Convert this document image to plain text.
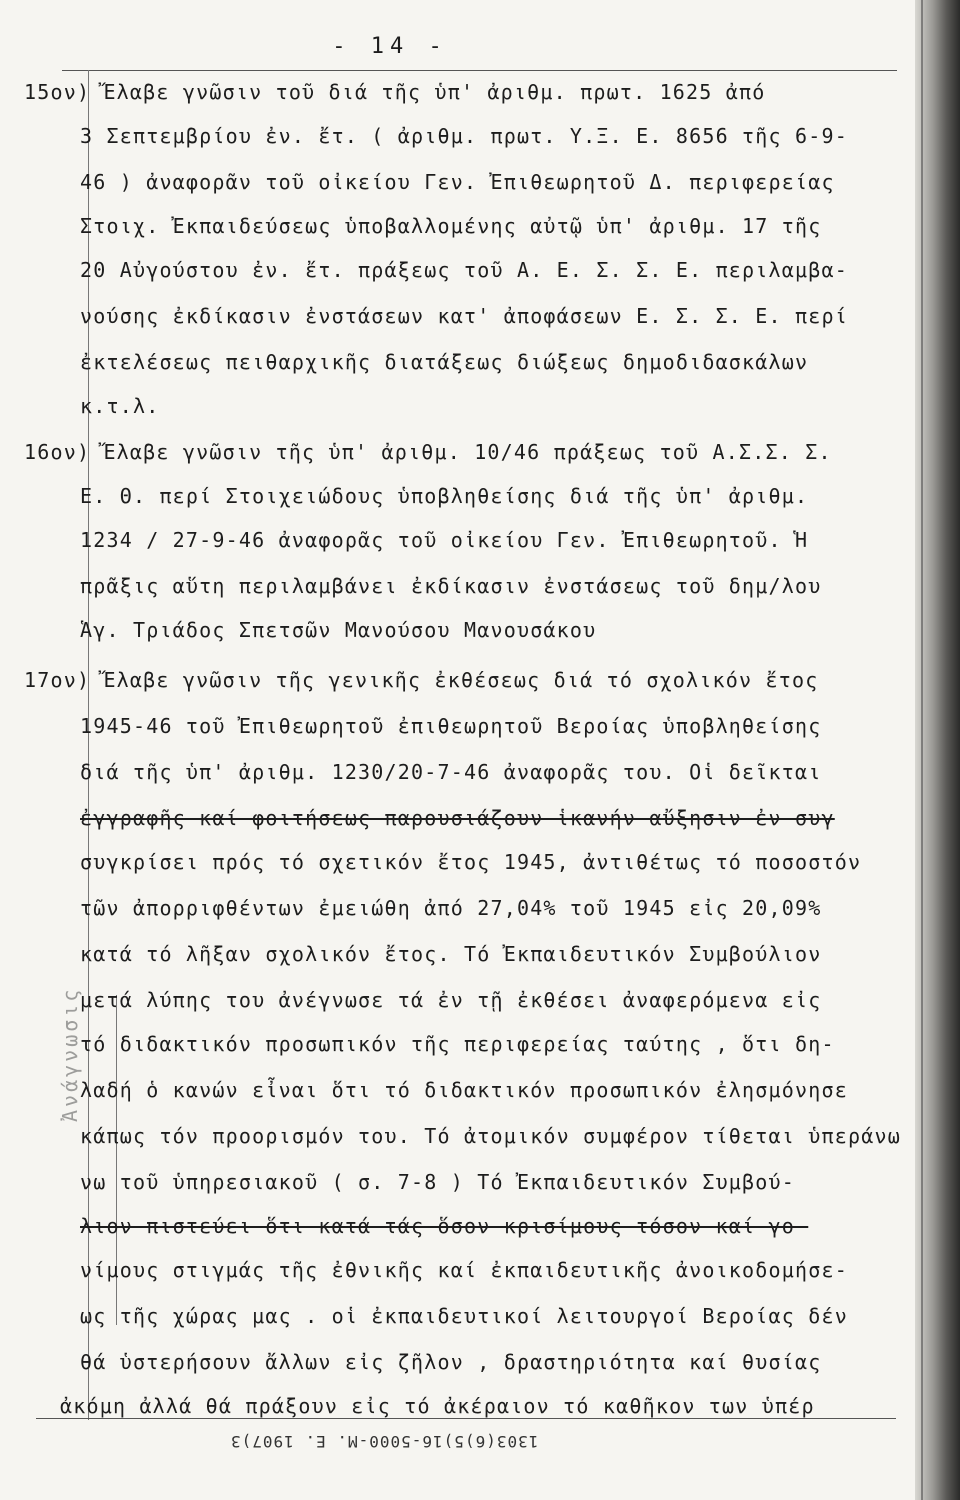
- 14 -
15ον) Ἔλαβε γνῶσιν τοῦ διά τῆς ὑπ' ἀριθμ. πρωτ. 1625 ἀπό
3 Σεπτεμβρίου ἐν. ἔτ. ( ἀριθμ. πρωτ. Υ.Ξ. Ε. 8656 τῆς 6-9-
46 ) ἀναφορᾶν τοῦ οἰκείου Γεν. Ἐπιθεωρητοῦ Δ. περιφερείας
Στοιχ. Ἐκπαιδεύσεως ὑποβαλλομένης αὐτῷ ὑπ' ἀριθμ. 17 τῆς
20 Αὐγούστου ἐν. ἔτ. πράξεως τοῦ Α. Ε. Σ. Σ. Ε. περιλαμβα-
νούσης ἐκδίκασιν ἐνστάσεων κατ' ἀποφάσεων Ε. Σ. Σ. Ε. περί
ἐκτελέσεως πειθαρχικῆς διατάξεως διώξεως δημοδιδασκάλων
κ.τ.λ.
16ον) Ἔλαβε γνῶσιν τῆς ὑπ' ἀριθμ. 10/46 πράξεως τοῦ Α.Σ.Σ. Σ.
Ε. Θ. περί Στοιχειώδους ὑποβληθείσης διά τῆς ὑπ' ἀριθμ.
1234 / 27-9-46 ἀναφορᾶς τοῦ οἰκείου Γεν. Ἐπιθεωρητοῦ. Ἡ
πρᾶξις αὕτη περιλαμβάνει ἐκδίκασιν ἐνστάσεως τοῦ δημ/λου
Ἁγ. Τριάδος Σπετσῶν Μανούσου Μανουσάκου
17ον) Ἔλαβε γνῶσιν τῆς γενικῆς ἐκθέσεως διά τό σχολικόν ἔτος
1945-46 τοῦ Ἐπιθεωρητοῦ ἐπιθεωρητοῦ Βεροίας ὑποβληθείσης
διά τῆς ὑπ' ἀριθμ. 1230/20-7-46 ἀναφορᾶς του. Οἱ δεῖκται
ἐγγραφῆς καί φοιτήσεως παρουσιάζουν ἱκανήν αὔξησιν ἐν συγ
συγκρίσει πρός τό σχετικόν ἔτος 1945, ἀντιθέτως τό ποσοστόν
τῶν ἀπορριφθέντων ἐμειώθη ἀπό 27,04% τοῦ 1945 εἰς 20,09%
κατά τό λῆξαν σχολικόν ἔτος. Τό Ἐκπαιδευτικόν Συμβούλιον
μετά λύπης του ἀνέγνωσε τά ἐν τῇ ἐκθέσει ἀναφερόμενα εἰς
τό διδακτικόν προσωπικόν τῆς περιφερείας ταύτης , ὅτι δη-
λαδή ὁ κανών εἶναι ὅτι τό διδακτικόν προσωπικόν ἐλησμόνησε
κάπως τόν προορισμόν του. Τό ἀτομικόν συμφέρον τίθεται ὑπεράνω
νω τοῦ ὑπηρεσιακοῦ ( σ. 7-8 ) Τό Ἐκπαιδευτικόν Συμβού-
λιον πιστεύει ὅτι κατά τάς ὅσον κρισίμους τόσον καί γο-
νίμους στιγμάς τῆς ἐθνικῆς καί ἐκπαιδευτικῆς ἀνοικοδομήσε-
ως τῆς χώρας μας . οἱ ἐκπαιδευτικοί λειτουργοί Βεροίας δέν
θά ὑστερήσουν ἄλλων εἰς ζῆλον , δραστηριότητα καί θυσίας
ἀκόμη ἀλλά θά πράξουν εἰς τό ἀκέραιον τό καθῆκον των ὑπέρ
Ἀνάγνωσις
1303(6)5)16-5000-Μ. Ε. 1907)3
